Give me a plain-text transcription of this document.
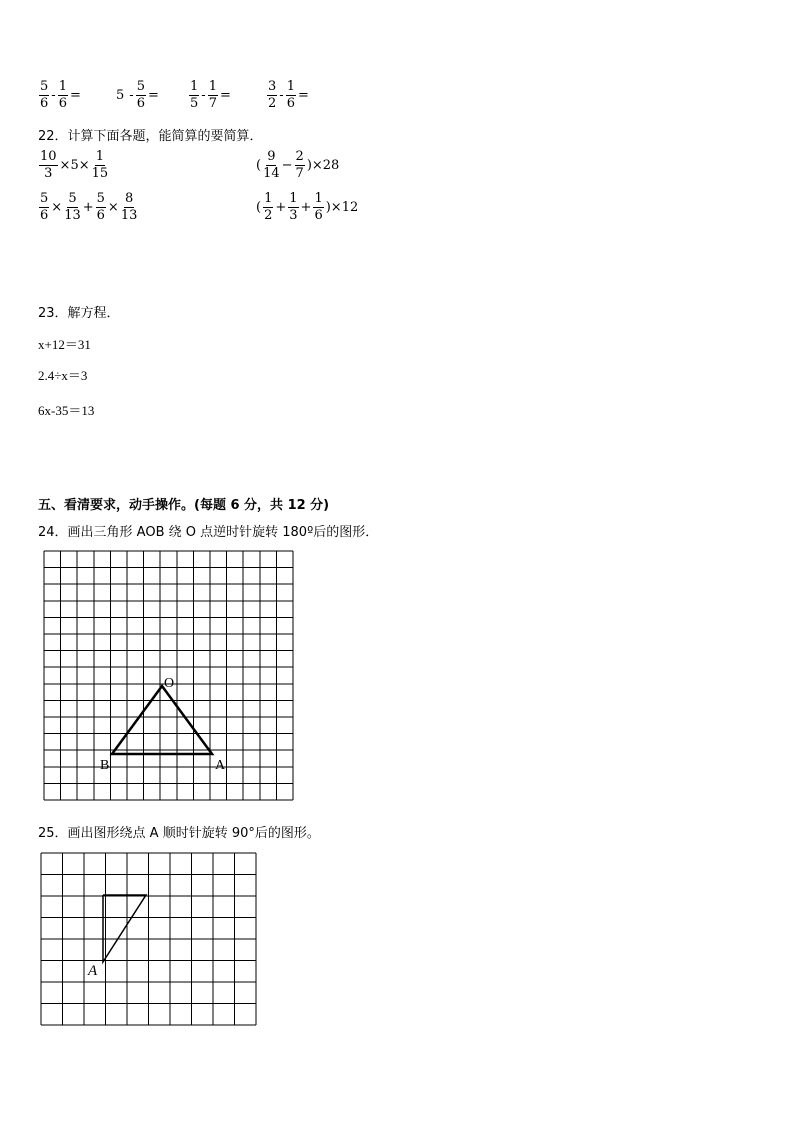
$\frac{5}{6} - \frac{1}{6}$ =	$5 - \frac{5}{6} = \frac{1}{5} - \frac{1}{7}$ =	$\frac{3}{2} - \frac{1}{6}$ =
22．计算下面各题，能简算的要简算．
$\frac{10}{3} \times 5\times \frac{1}{15}$	( $\frac{9}{14} - \frac{2}{7} )\times 28$
$\frac{5}{6} \times \frac{5}{13} + \frac{5}{6} \times \frac{8}{13}$	( $\frac{1}{2} + \frac{1}{3} + \frac{1}{6} )\times 12$
23．解方程．
x+12＝31
2.4÷x＝3
6x-35＝13
五、看清要求，动手操作。(每题 6 分，共 12 分)
24．画出三角形 AOB 绕 O 点逆时针旋转 180º后的图形．
O
B	A
25．画出图形绕点 A 顺时针旋转 90°后的图形。
A
